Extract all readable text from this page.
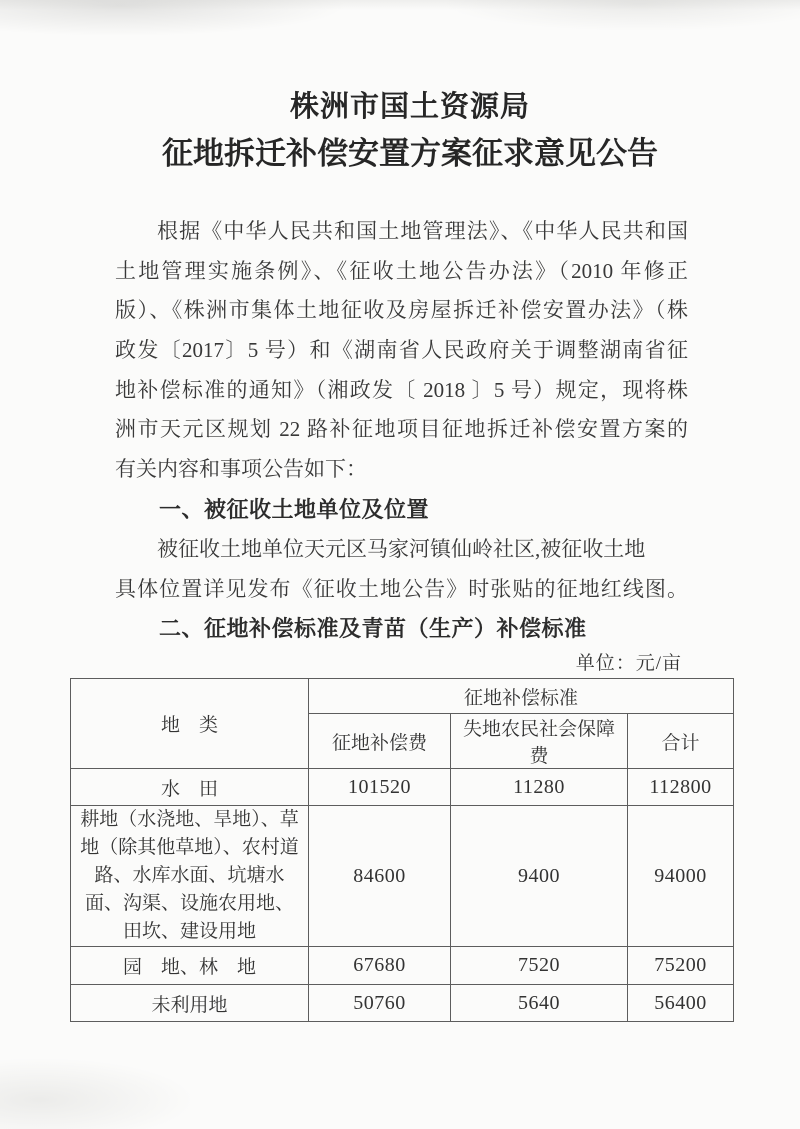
株洲市国土资源局
征地拆迁补偿安置方案征求意见公告
根据《中华人民共和国土地管理法》、《中华人民共和国
土地管理实施条例》、《征收土地公告办法》（2010 年修正
版）、《株洲市集体土地征收及房屋拆迁补偿安置办法》（株
政发〔2017〕5 号）和《湖南省人民政府关于调整湖南省征
地补偿标准的通知》（湘政发〔 2018 〕5 号）规定，现将株
洲市天元区规划 22 路补征地项目征地拆迁补偿安置方案的
有关内容和事项公告如下：
一、被征收土地单位及位置
被征收土地单位天元区马家河镇仙岭社区,被征收土地
具体位置详见发布《征收土地公告》时张贴的征地红线图。
二、征地补偿标准及青苗（生产）补偿标准
单位：元/亩
地　类	征地补偿标准		
	征地补偿费	失地农民社会保障费	合计
水　田	101520	11280	112800
耕地（水浇地、旱地）、草地（除其他草地）、农村道路、水库水面、坑塘水面、沟渠、设施农用地、田坎、建设用地	84600	9400	94000
园　地、林　地	67680	7520	75200
未利用地	50760	5640	56400
